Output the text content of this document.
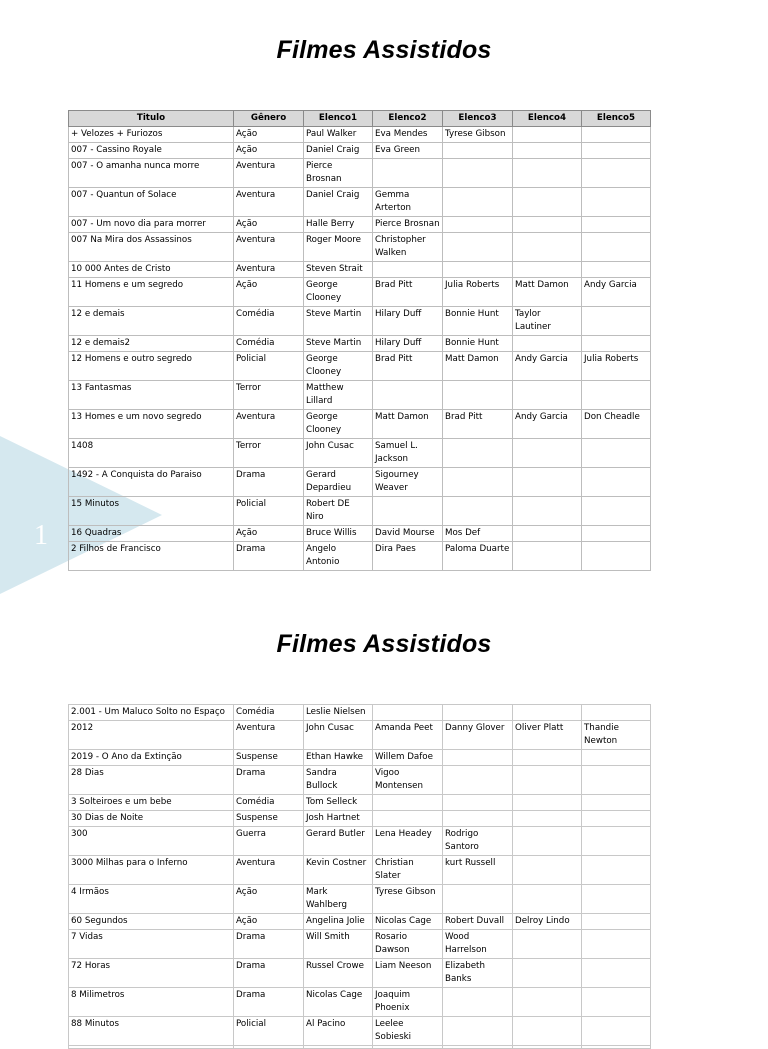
1
Filmes Assistidos
Titulo	Gênero	Elenco1	Elenco2	Elenco3	Elenco4	Elenco5
+ Velozes + Furiozos	Ação	Paul Walker	Eva Mendes	Tyrese Gibson		
007 - Cassino Royale	Ação	Daniel Craig	Eva Green			
007 - O amanha nunca morre	Aventura	Pierce Brosnan				
007 - Quantun of Solace	Aventura	Daniel Craig	Gemma Arterton			
007 - Um novo dia para morrer	Ação	Halle Berry	Pierce Brosnan			
007 Na Mira dos Assassinos	Aventura	Roger Moore	Christopher Walken			
10 000 Antes de Cristo	Aventura	Steven Strait				
11 Homens e um segredo	Ação	George Clooney	Brad Pitt	Julia Roberts	Matt Damon	Andy Garcia
12 e demais	Comédia	Steve Martin	Hilary Duff	Bonnie Hunt	Taylor Lautiner	
12 e demais2	Comédia	Steve Martin	Hilary Duff	Bonnie Hunt		
12 Homens e outro segredo	Policial	George Clooney	Brad Pitt	Matt Damon	Andy Garcia	Julia Roberts
13 Fantasmas	Terror	Matthew Lillard				
13 Homes e um novo segredo	Aventura	George Clooney	Matt Damon	Brad Pitt	Andy Garcia	Don Cheadle
1408	Terror	John Cusac	Samuel L. Jackson			
1492 - A Conquista do Paraiso	Drama	Gerard Depardieu	Sigourney Weaver			
15 Minutos	Policial	Robert DE Niro				
16 Quadras	Ação	Bruce Willis	David Mourse	Mos Def		
2 Filhos de Francisco	Drama	Angelo Antonio	Dira Paes	Paloma Duarte		
Filmes Assistidos
2.001 - Um Maluco Solto no Espaço	Comédia	Leslie Nielsen				
2012	Aventura	John Cusac	Amanda Peet	Danny Glover	Oliver Platt	Thandie Newton
2019 - O Ano da Extinção	Suspense	Ethan Hawke	Willem Dafoe			
28 Dias	Drama	Sandra Bullock	Vigoo Montensen			
3 Solteiroes e um bebe	Comédia	Tom Selleck				
30 Dias de Noite	Suspense	Josh Hartnet				
300	Guerra	Gerard Butler	Lena Headey	Rodrigo Santoro		
3000 Milhas para o Inferno	Aventura	Kevin Costner	Christian Slater	kurt Russell		
4 Irmãos	Ação	Mark Wahlberg	Tyrese Gibson			
60 Segundos	Ação	Angelina Jolie	Nicolas Cage	Robert Duvall	Delroy Lindo	
7 Vidas	Drama	Will Smith	Rosario Dawson	Wood Harrelson		
72 Horas	Drama	Russel Crowe	Liam Neeson	Elizabeth Banks		
8 Milimetros	Drama	Nicolas Cage	Joaquim Phoenix			
88 Minutos	Policial	Al Pacino	Leelee Sobieski			
